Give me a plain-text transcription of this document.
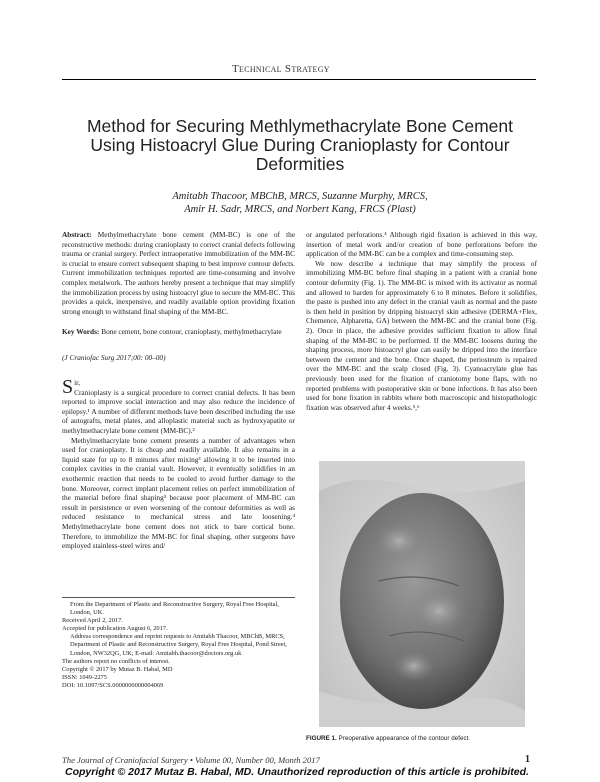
Technical Strategy
Method for Securing Methlymethacrylate Bone Cement Using Histoacryl Glue During Cranioplasty for Contour Deformities
Amitabh Thacoor, MBChB, MRCS, Suzanne Murphy, MRCS,
Amir H. Sadr, MRCS, and Norbert Kang, FRCS (Plast)

Abstract: Methylmethacrylate bone cement (MM-BC) is one of the reconstructive methods: during cranioplasty to correct cranial defects following trauma or cranial surgery. Perfect intraoperative immobilization of the MM-BC is crucial to ensure correct subsequent shaping to best improve contour defects. Current immobilization techniques reported are time-consuming and involve complex metalwork. The authors hereby present a technique that may simplify the immobilization process by using histoacryl glue to secure the MM-BC. This provides a quick, inexpensive, and readily available option providing fixation strong enough to withstand final shaping of the MM-BC.

Key Words: Bone cement, bone contour, cranioplasty, methylmethacrylate

(J Craniofac Surg 2017;00: 00–00)

Sir,
Cranioplasty is a surgical procedure to correct cranial defects. It has been reported to improve social interaction and may also reduce the incidence of epilepsy.¹ A number of different methods have been described including the use of autografts, metal plates, and alloplastic material such as hydroxyapatite or methylmethacrylate bone cement (MM-BC).²

Methylmethacrylate bone cement presents a number of advantages when used for cranioplasty. It is cheap and readily available. It also remains in a liquid state for up to 8 minutes after mixing³ allowing it to be inserted into complex cavities in the cranial vault. However, it eventually solidifies in an exothermic reaction that needs to be cooled to avoid further damage to the bone. Moreover, correct implant placement relies on perfect immobilization of the material before final shaping³ because poor placement of MM-BC can result in persistence or even worsening of the contour deformities as well as reduced resistance to mechanical stress and late loosening.⁴ Methylmethacrylate bone cement does not stick to bare cortical bone. Therefore, to immobilize the MM-BC for final shaping, other surgeons have employed stainless-steel wires and/

From the Department of Plastic and Reconstructive Surgery, Royal Free Hospital, London, UK.
Received April 2, 2017.
Accepted for publication August 6, 2017.
Address correspondence and reprint requests to Amitabh Thacoor, MBChB, MRCS, Department of Plastic and Reconstructive Surgery, Royal Free Hospital, Pond Street, London, NW32QG, UK; E-mail: Amitabh.thacoor@doctors.org.uk
The authors report no conflicts of interest.
Copyright © 2017 by Mutaz B. Habal, MD
ISSN: 1049-2275
DOI: 10.1097/SCS.0000000000004069

or angulated perforations.⁴ Although rigid fixation is achieved in this way, insertion of metal work and/or creation of bone perforations before the application of the MM-BC can be a complex and time-consuming step.

We now describe a technique that may simplify the process of immobilizing MM-BC before final shaping in a patient with a cranial bone contour deformity (Fig. 1). The MM-BC is mixed with its activator as normal and allowed to harden for approximately 6 to 8 minutes. Before it solidifies, the paste is pushed into any defect in the cranial vault as normal and the paste is then held in position by dripping histoacryl skin adhesive (DERMA+Flex, Chemence, Alpharetta, GA) between the MM-BC and the cranial bone (Fig. 2). Once in place, the adhesive provides sufficient fixation to allow final shaping of the MM-BC to be performed. If the MM-BC loosens during the shaping process, more histoacryl glue can easily be dripped into the interface between the cement and the bone. Once shaped, the periosteum is repaired over the MM-BC and the scalp closed (Fig. 3). Cyanoacrylate glue has previously been used for the fixation of craniotomy bone flaps, with no reported problems with postoperative skin or bone infections. It has also been used for bone fixation in rabbits where both macroscopic and histopathologic fixation was observed after 4 weeks.⁵,⁶

FIGURE 1. Preoperative appearance of the contour defect.
The Journal of Craniofacial Surgery • Volume 00, Number 00, Month 2017	1
Copyright © 2017 Mutaz B. Habal, MD. Unauthorized reproduction of this article is prohibited.
